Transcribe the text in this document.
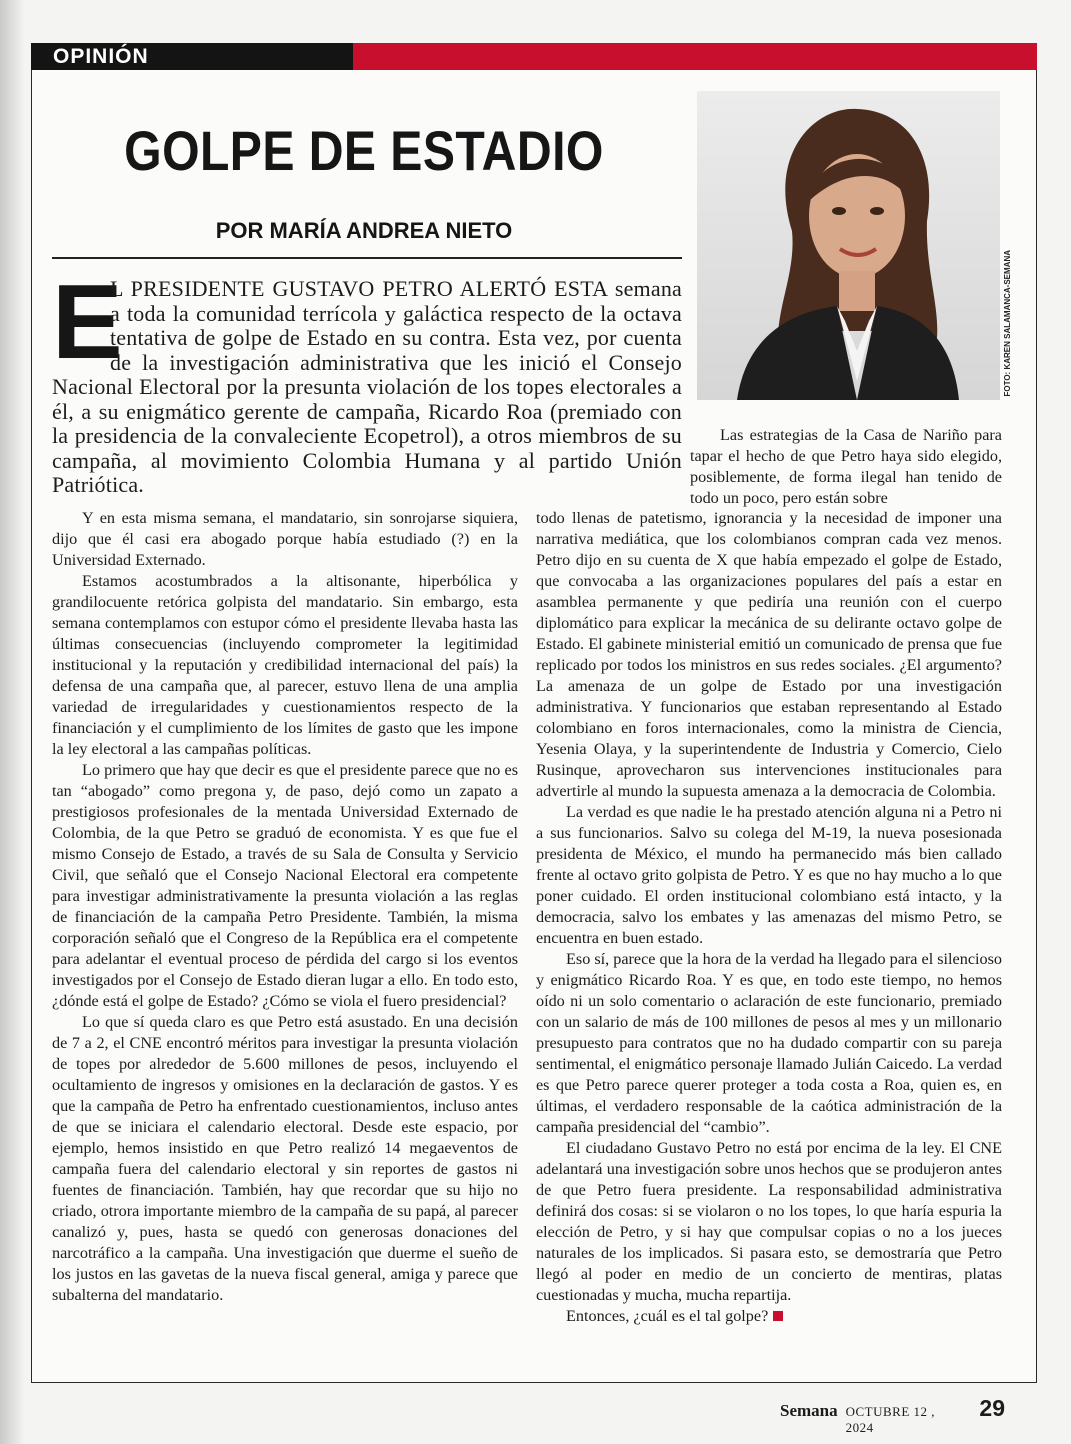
OPINIÓN
GOLPE DE ESTADIO
POR MARÍA ANDREA NIETO
FOTO: KAREN SALAMANCA-SEMANA
E
L PRESIDENTE GUSTAVO PETRO ALERTÓ ESTA semana a toda la comunidad terrícola y galáctica respecto de la octava tentativa de golpe de Estado en su contra. Esta vez, por cuenta de la investigación administrativa que les inició el Consejo Nacional Electoral por la presunta violación de los topes electorales a él, a su enigmático gerente de campaña, Ricardo Roa (premiado con la presidencia de la convaleciente Ecopetrol), a otros miembros de su campaña, al movimiento Colombia Humana y al partido Unión Patriótica.

Las estrategias de la Casa de Nariño para tapar el hecho de que Petro haya sido elegido, posiblemente, de forma ilegal han tenido de todo un poco, pero están sobre

Y en esta misma semana, el mandatario, sin sonrojarse siquiera, dijo que él casi era abogado porque había estudiado (?) en la Universidad Externado.

Estamos acostumbrados a la altisonante, hiperbólica y grandilocuente retórica golpista del mandatario. Sin embargo, esta semana contemplamos con estupor cómo el presidente llevaba hasta las últimas consecuencias (incluyendo comprometer la legitimidad institucional y la reputación y credibilidad internacional del país) la defensa de una campaña que, al parecer, estuvo llena de una amplia variedad de irregularidades y cuestionamientos respecto de la financiación y el cumplimiento de los límites de gasto que les impone la ley electoral a las campañas políticas.

Lo primero que hay que decir es que el presidente parece que no es tan “abogado” como pregona y, de paso, dejó como un zapato a prestigiosos profesionales de la mentada Universidad Externado de Colombia, de la que Petro se graduó de economista. Y es que fue el mismo Consejo de Estado, a través de su Sala de Consulta y Servicio Civil, que señaló que el Consejo Nacional Electoral era competente para investigar administrativamente la presunta violación a las reglas de financiación de la campaña Petro Presidente. También, la misma corporación señaló que el Congreso de la República era el competente para adelantar el eventual proceso de pérdida del cargo si los eventos investigados por el Consejo de Estado dieran lugar a ello. En todo esto, ¿dónde está el golpe de Estado? ¿Cómo se viola el fuero presidencial?

Lo que sí queda claro es que Petro está asustado. En una decisión de 7 a 2, el CNE encontró méritos para investigar la presunta violación de topes por alrededor de 5.600 millones de pesos, incluyendo el ocultamiento de ingresos y omisiones en la declaración de gastos. Y es que la campaña de Petro ha enfrentado cuestionamientos, incluso antes de que se iniciara el calendario electoral. Desde este espacio, por ejemplo, hemos insistido en que Petro realizó 14 megaeventos de campaña fuera del calendario electoral y sin reportes de gastos ni fuentes de financiación. También, hay que recordar que su hijo no criado, otrora importante miembro de la campaña de su papá, al parecer canalizó y, pues, hasta se quedó con generosas donaciones del narcotráfico a la campaña. Una investigación que duerme el sueño de los justos en las gavetas de la nueva fiscal general, amiga y parece que subalterna del mandatario.

todo llenas de patetismo, ignorancia y la necesidad de imponer una narrativa mediática, que los colombianos compran cada vez menos. Petro dijo en su cuenta de X que había empezado el golpe de Estado, que convocaba a las organizaciones populares del país a estar en asamblea permanente y que pediría una reunión con el cuerpo diplomático para explicar la mecánica de su delirante octavo golpe de Estado. El gabinete ministerial emitió un comunicado de prensa que fue replicado por todos los ministros en sus redes sociales. ¿El argumento? La amenaza de un golpe de Estado por una investigación administrativa. Y funcionarios que estaban representando al Estado colombiano en foros internacionales, como la ministra de Ciencia, Yesenia Olaya, y la superintendente de Industria y Comercio, Cielo Rusinque, aprovecharon sus intervenciones institucionales para advertirle al mundo la supuesta amenaza a la democracia de Colombia.

La verdad es que nadie le ha prestado atención alguna ni a Petro ni a sus funcionarios. Salvo su colega del M-19, la nueva posesionada presidenta de México, el mundo ha permanecido más bien callado frente al octavo grito golpista de Petro. Y es que no hay mucho a lo que poner cuidado. El orden institucional colombiano está intacto, y la democracia, salvo los embates y las amenazas del mismo Petro, se encuentra en buen estado.

Eso sí, parece que la hora de la verdad ha llegado para el silencioso y enigmático Ricardo Roa. Y es que, en todo este tiempo, no hemos oído ni un solo comentario o aclaración de este funcionario, premiado con un salario de más de 100 millones de pesos al mes y un millonario presupuesto para contratos que no ha dudado compartir con su pareja sentimental, el enigmático personaje llamado Julián Caicedo. La verdad es que Petro parece querer proteger a toda costa a Roa, quien es, en últimas, el verdadero responsable de la caótica administración de la campaña presidencial del “cambio”.

El ciudadano Gustavo Petro no está por encima de la ley. El CNE adelantará una investigación sobre unos hechos que se produjeron antes de que Petro fuera presidente. La responsabilidad administrativa definirá dos cosas: si se violaron o no los topes, lo que haría espuria la elección de Petro, y si hay que compulsar copias o no a los jueces naturales de los implicados. Si pasara esto, se demostraría que Petro llegó al poder en medio de un concierto de mentiras, platas cuestionadas y mucha, mucha repartija.

Entonces, ¿cuál es el tal golpe?

Semana OCTUBRE 12 , 2024
29
